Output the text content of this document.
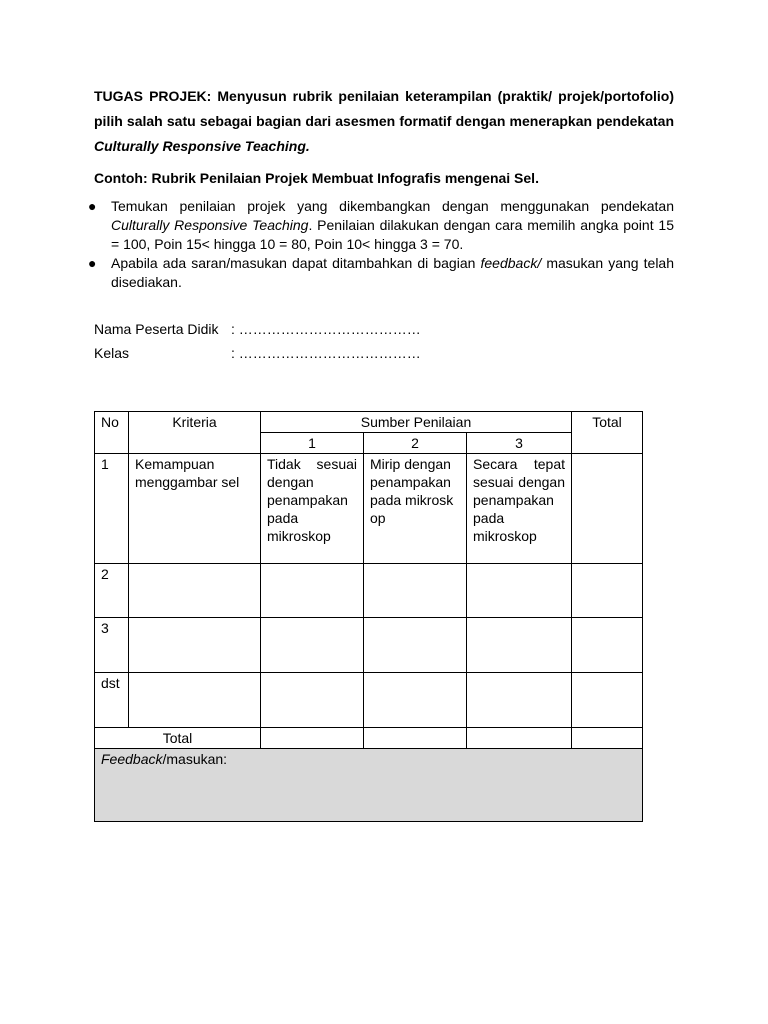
TUGAS PROJEK: Menyusun rubrik penilaian keterampilan (praktik/ projek/portofolio) pilih salah satu sebagai bagian dari asesmen formatif dengan menerapkan pendekatan Culturally Responsive Teaching.

Contoh: Rubrik Penilaian Projek Membuat Infografis mengenai Sel.

● Temukan penilaian projek yang dikembangkan dengan menggunakan pendekatan Culturally Responsive Teaching. Penilaian dilakukan dengan cara memilih angka point 15 = 100, Poin 15< hingga 10 = 80, Poin 10< hingga 3 = 70.
● Apabila ada saran/masukan dapat ditambahkan di bagian feedback/ masukan yang telah disediakan.
Nama Peserta Didik : …………………………………
Kelas	: …………………………………
No	Kriteria	Sumber Penilaian			Total
		1	2	3	
1	Kemampuan menggambar sel	Tidak sesuai dengan penampakan pada mikroskop	Mirip dengan penampakan pada mikroskop	Secara tepat sesuai dengan penampakan pada mikroskop	
2					
3					
dst					
Total					
Feedback/masukan:					
